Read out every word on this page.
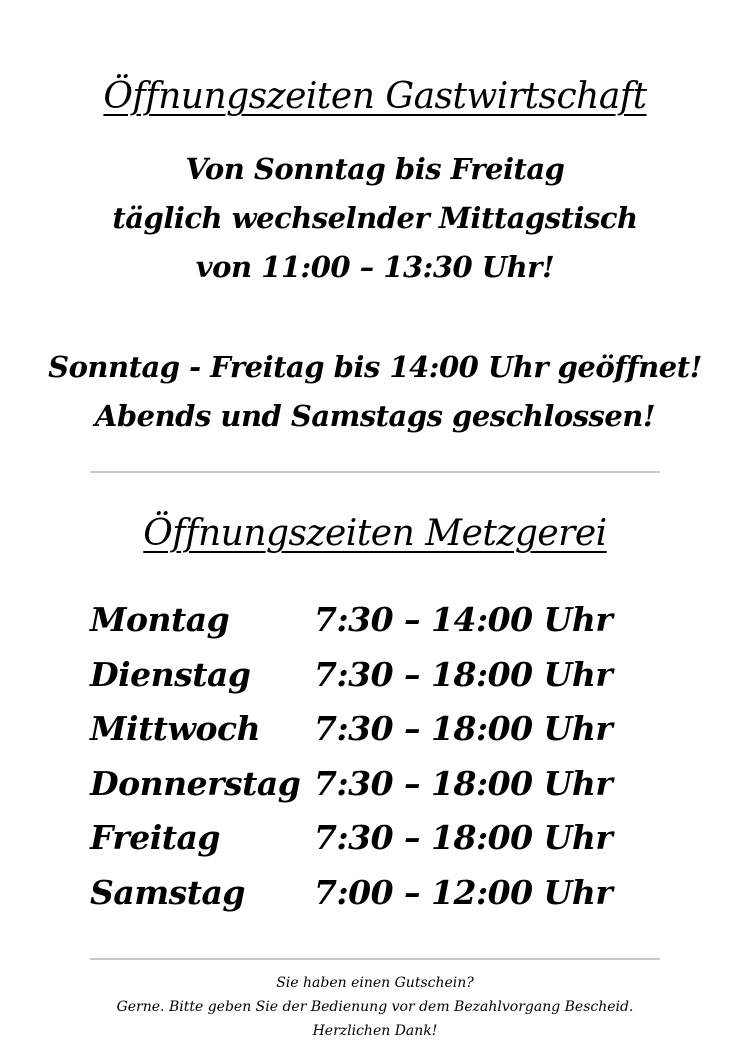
Öffnungszeiten Gastwirtschaft
Von Sonntag bis Freitag
täglich wechselnder Mittagstisch
von 11:00 – 13:30 Uhr!
Sonntag - Freitag bis 14:00 Uhr geöffnet!
Abends und Samstags geschlossen!
Öffnungszeiten Metzgerei
Montag	7:30 – 14:00 Uhr
Dienstag 7:30 – 18:00 Uhr
Mittwoch 7:30 – 18:00 Uhr
Donnerstag 7:30 – 18:00 Uhr
Freitag	7:30 – 18:00 Uhr
Samstag 7:00 – 12:00 Uhr
Sie haben einen Gutschein?
Gerne. Bitte geben Sie der Bedienung vor dem Bezahlvorgang Bescheid.
Herzlichen Dank!
